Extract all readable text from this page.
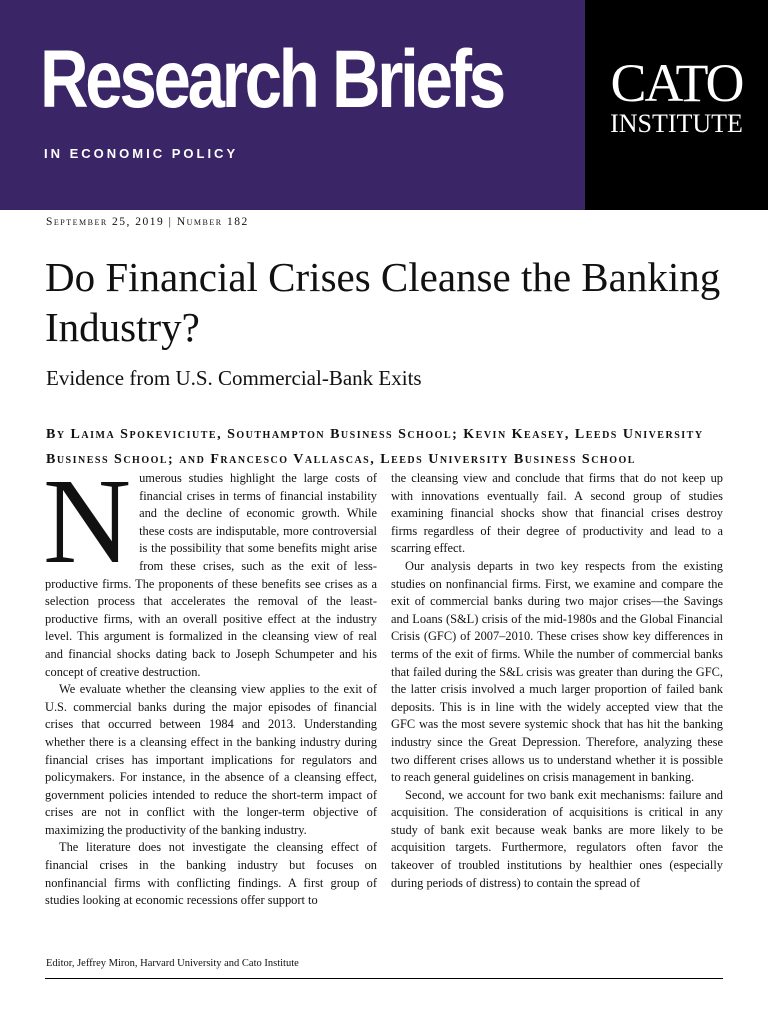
Research Briefs
IN ECONOMIC POLICY
CATO
INSTITUTE
September 25, 2019 | Number 182
Do Financial Crises Cleanse the Banking Industry?
Evidence from U.S. Commercial-Bank Exits
By Laima Spokeviciute, Southampton Business School; Kevin Keasey, Leeds University Business School; and Francesco Vallascas, Leeds University Business School

Numerous studies highlight the large costs of financial crises in terms of financial instability and the decline of economic growth. While these costs are indisputable, more controversial is the possibility that some benefits might arise from these crises, such as the exit of less-productive firms. The proponents of these benefits see crises as a selection process that accelerates the removal of the least-productive firms, with an overall positive effect at the industry level. This argument is formalized in the cleansing view of real and financial shocks dating back to Joseph Schumpeter and his concept of creative destruction.

We evaluate whether the cleansing view applies to the exit of U.S. commercial banks during the major episodes of financial crises that occurred between 1984 and 2013. Understanding whether there is a cleansing effect in the banking industry during financial crises has important implications for regulators and policymakers. For instance, in the absence of a cleansing effect, government policies intended to reduce the short-term impact of crises are not in conflict with the longer-term objective of maximizing the productivity of the banking industry.

The literature does not investigate the cleansing effect of financial crises in the banking industry but focuses on nonfinancial firms with conflicting findings. A first group of studies looking at economic recessions offer support to

the cleansing view and conclude that firms that do not keep up with innovations eventually fail. A second group of studies examining financial shocks show that financial crises destroy firms regardless of their degree of productivity and lead to a scarring effect.

Our analysis departs in two key respects from the existing studies on nonfinancial firms. First, we examine and compare the exit of commercial banks during two major crises—the Savings and Loans (S&L) crisis of the mid-1980s and the Global Financial Crisis (GFC) of 2007–2010. These crises show key differences in terms of the exit of firms. While the number of commercial banks that failed during the S&L crisis was greater than during the GFC, the latter crisis involved a much larger proportion of failed bank deposits. This is in line with the widely accepted view that the GFC was the most severe systemic shock that has hit the banking industry since the Great Depression. Therefore, analyzing these two different crises allows us to understand whether it is possible to reach general guidelines on crisis management in banking.

Second, we account for two bank exit mechanisms: failure and acquisition. The consideration of acquisitions is critical in any study of bank exit because weak banks are more likely to be acquisition targets. Furthermore, regulators often favor the takeover of troubled institutions by healthier ones (especially during periods of distress) to contain the spread of

Editor, Jeffrey Miron, Harvard University and Cato Institute
